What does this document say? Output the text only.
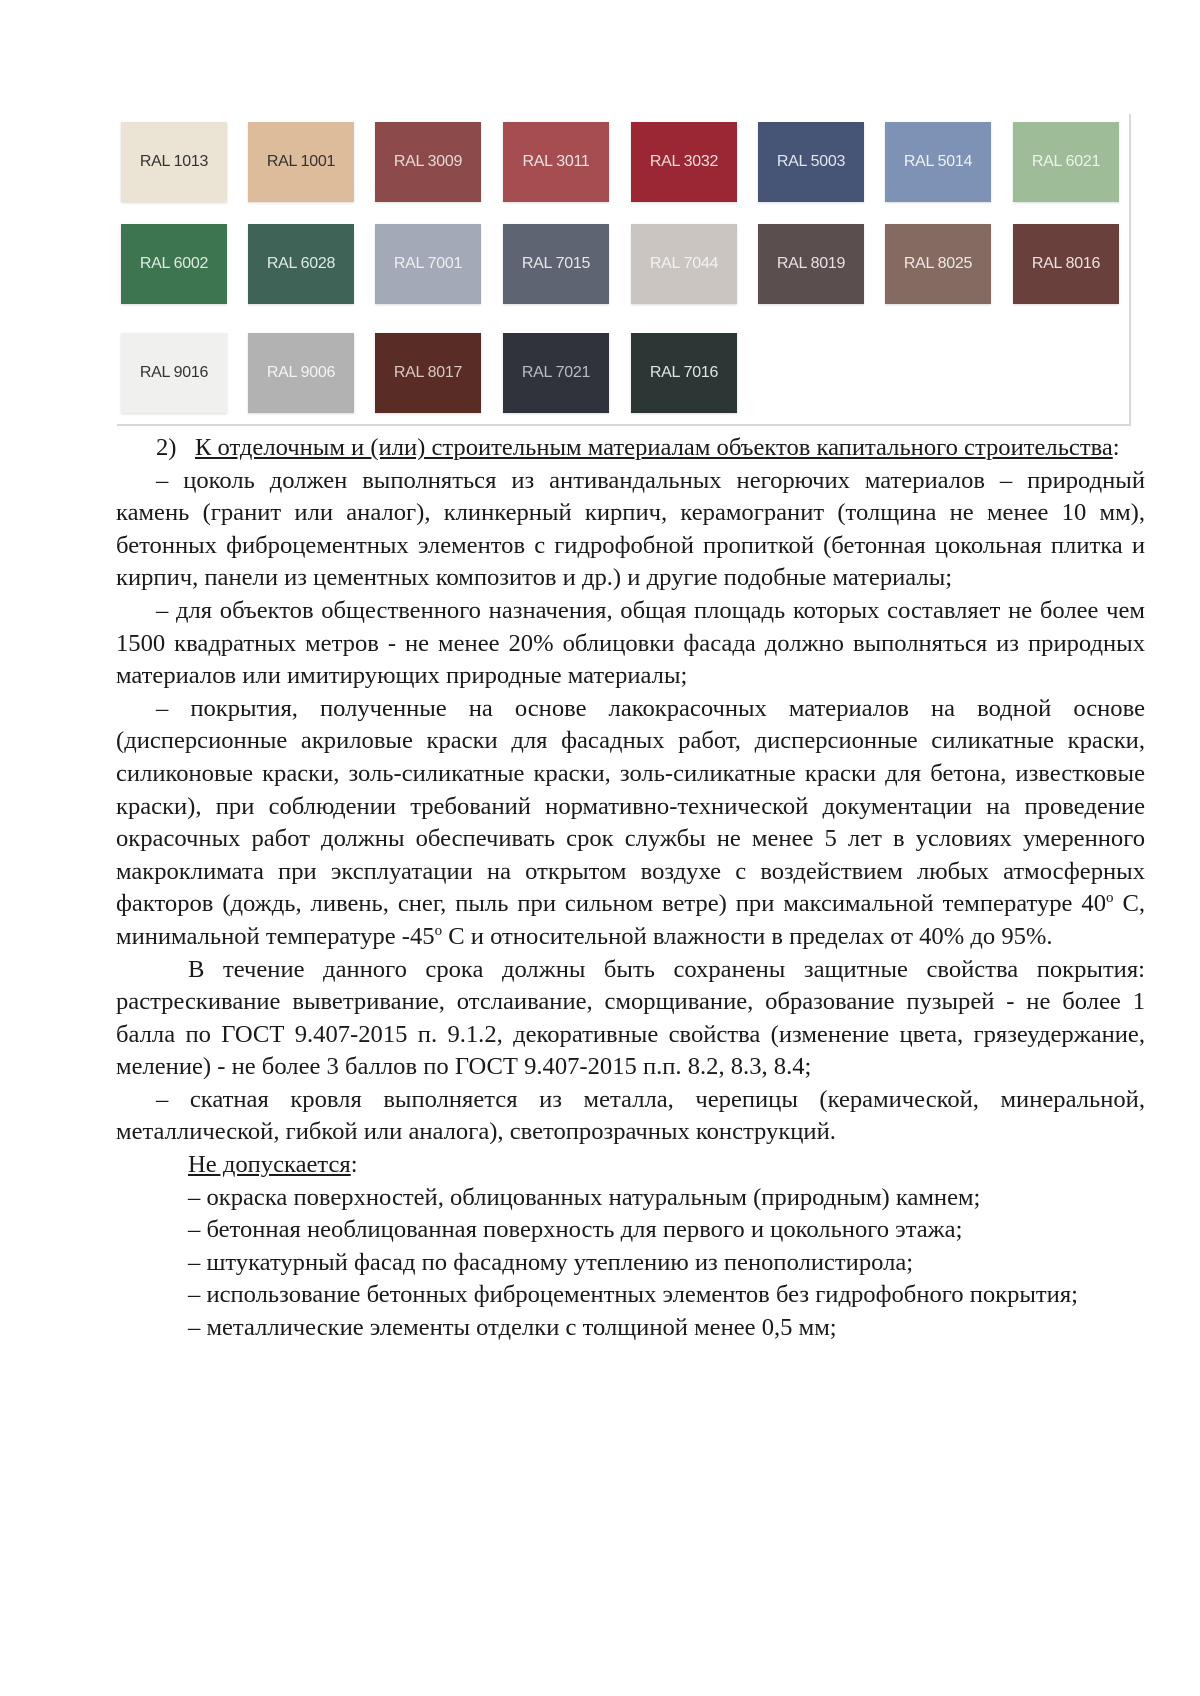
RAL 1013	RAL 1001	RAL 3009	RAL 3011	RAL 3032	RAL 5003	RAL 5014	RAL 6021
RAL 6002	RAL 6028	RAL 7001	RAL 7015	RAL 7044	RAL 8019	RAL 8025	RAL 8016
RAL 9016	RAL 9006	RAL 8017	RAL 7021	RAL 7016

2) К отделочным и (или) строительным материалам объектов капитального строительства:

– цоколь должен выполняться из антивандальных негорючих материалов – природный камень (гранит или аналог), клинкерный кирпич, керамогранит (толщина не менее 10 мм), бетонных фиброцементных элементов с гидрофобной пропиткой (бетонная цокольная плитка и кирпич, панели из цементных композитов и др.) и другие подобные материалы;

– для объектов общественного назначения, общая площадь которых составляет не более чем 1500 квадратных метров - не менее 20% облицовки фасада должно выполняться из природных материалов или имитирующих природные материалы;

– покрытия, полученные на основе лакокрасочных материалов на водной основе (дисперсионные акриловые краски для фасадных работ, дисперсионные силикатные краски, силиконовые краски, золь-силикатные краски, золь-силикатные краски для бетона, известковые краски), при соблюдении требований нормативно-технической документации на проведение окрасочных работ должны обеспечивать срок службы не менее 5 лет в условиях умеренного макроклимата при эксплуатации на открытом воздухе с воздействием любых атмосферных факторов (дождь, ливень, снег, пыль при сильном ветре) при максимальной температуре 40$^o$ С, минимальной температуре -45$^o$ С и относительной влажности в пределах от 40% до 95%.

В течение данного срока должны быть сохранены защитные свойства покрытия: растрескивание выветривание, отслаивание, сморщивание, образование пузырей - не более 1 балла по ГОСТ 9.407-2015 п. 9.1.2, декоративные свойства (изменение цвета, грязеудержание, меление) - не более 3 баллов по ГОСТ 9.407-2015 п.п. 8.2, 8.3, 8.4;

– скатная кровля выполняется из металла, черепицы (керамической, минеральной, металлической, гибкой или аналога), светопрозрачных конструкций.

Не допускается:

– окраска поверхностей, облицованных натуральным (природным) камнем;

– бетонная необлицованная поверхность для первого и цокольного этажа;

– штукатурный фасад по фасадному утеплению из пенополистирола;

– использование бетонных фиброцементных элементов без гидрофобного покрытия;

– металлические элементы отделки с толщиной менее 0,5 мм;
